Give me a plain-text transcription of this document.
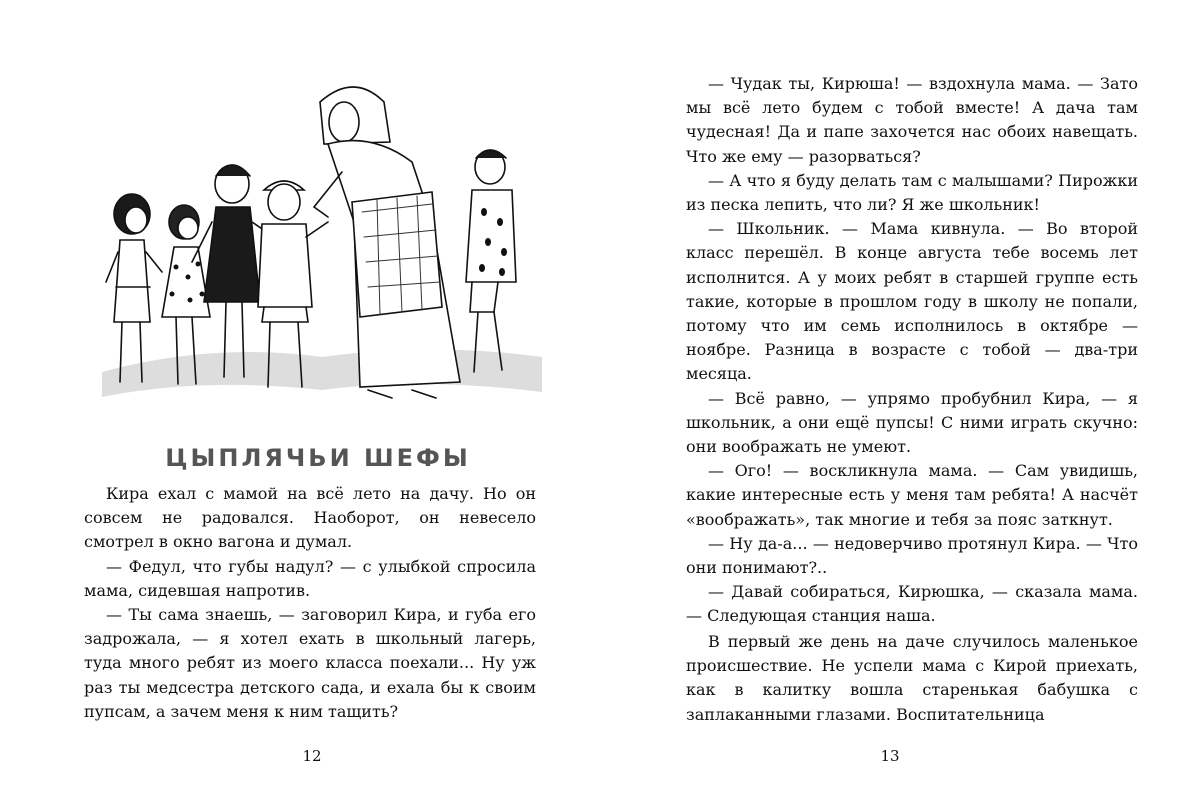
ЦЫПЛЯЧЬИ ШЕФЫ

Кира ехал с мамой на всё лето на дачу. Но он совсем не радовался. Наоборот, он невесело смотрел в окно вагона и думал.

— Федул, что губы надул? — с улыбкой спросила мама, сидевшая напротив.

— Ты сама знаешь, — заговорил Кира, и губа его задрожала, — я хотел ехать в школьный лагерь, туда много ребят из моего класса поехали... Ну уж раз ты медсестра детского сада, и ехала бы к своим пупсам, а зачем меня к ним тащить?

12

— Чудак ты, Кирюша! — вздохнула мама. — Зато мы всё лето будем с тобой вместе! А дача там чудесная! Да и папе захочется нас обоих навещать. Что же ему — разорваться?

— А что я буду делать там с малышами? Пирожки из песка лепить, что ли? Я же школьник!

— Школьник. — Мама кивнула. — Во второй класс перешёл. В конце августа тебе восемь лет исполнится. А у моих ребят в старшей группе есть такие, которые в прошлом году в школу не попали, потому что им семь исполнилось в октябре — ноябре. Разница в возрасте с тобой — два-три месяца.

— Всё равно, — упрямо пробубнил Кира, — я школьник, а они ещё пупсы! С ними играть скучно: они воображать не умеют.

— Ого! — воскликнула мама. — Сам увидишь, какие интересные есть у меня там ребята! А насчёт «воображать», так многие и тебя за пояс заткнут.

— Ну да-а... — недоверчиво протянул Кира. — Что они понимают?..

— Давай собираться, Кирюшка, — сказала мама. — Следующая станция наша.

В первый же день на даче случилось маленькое происшествие. Не успели мама с Кирой приехать, как в калитку вошла старенькая бабушка с заплаканными глазами. Воспитательница

13
